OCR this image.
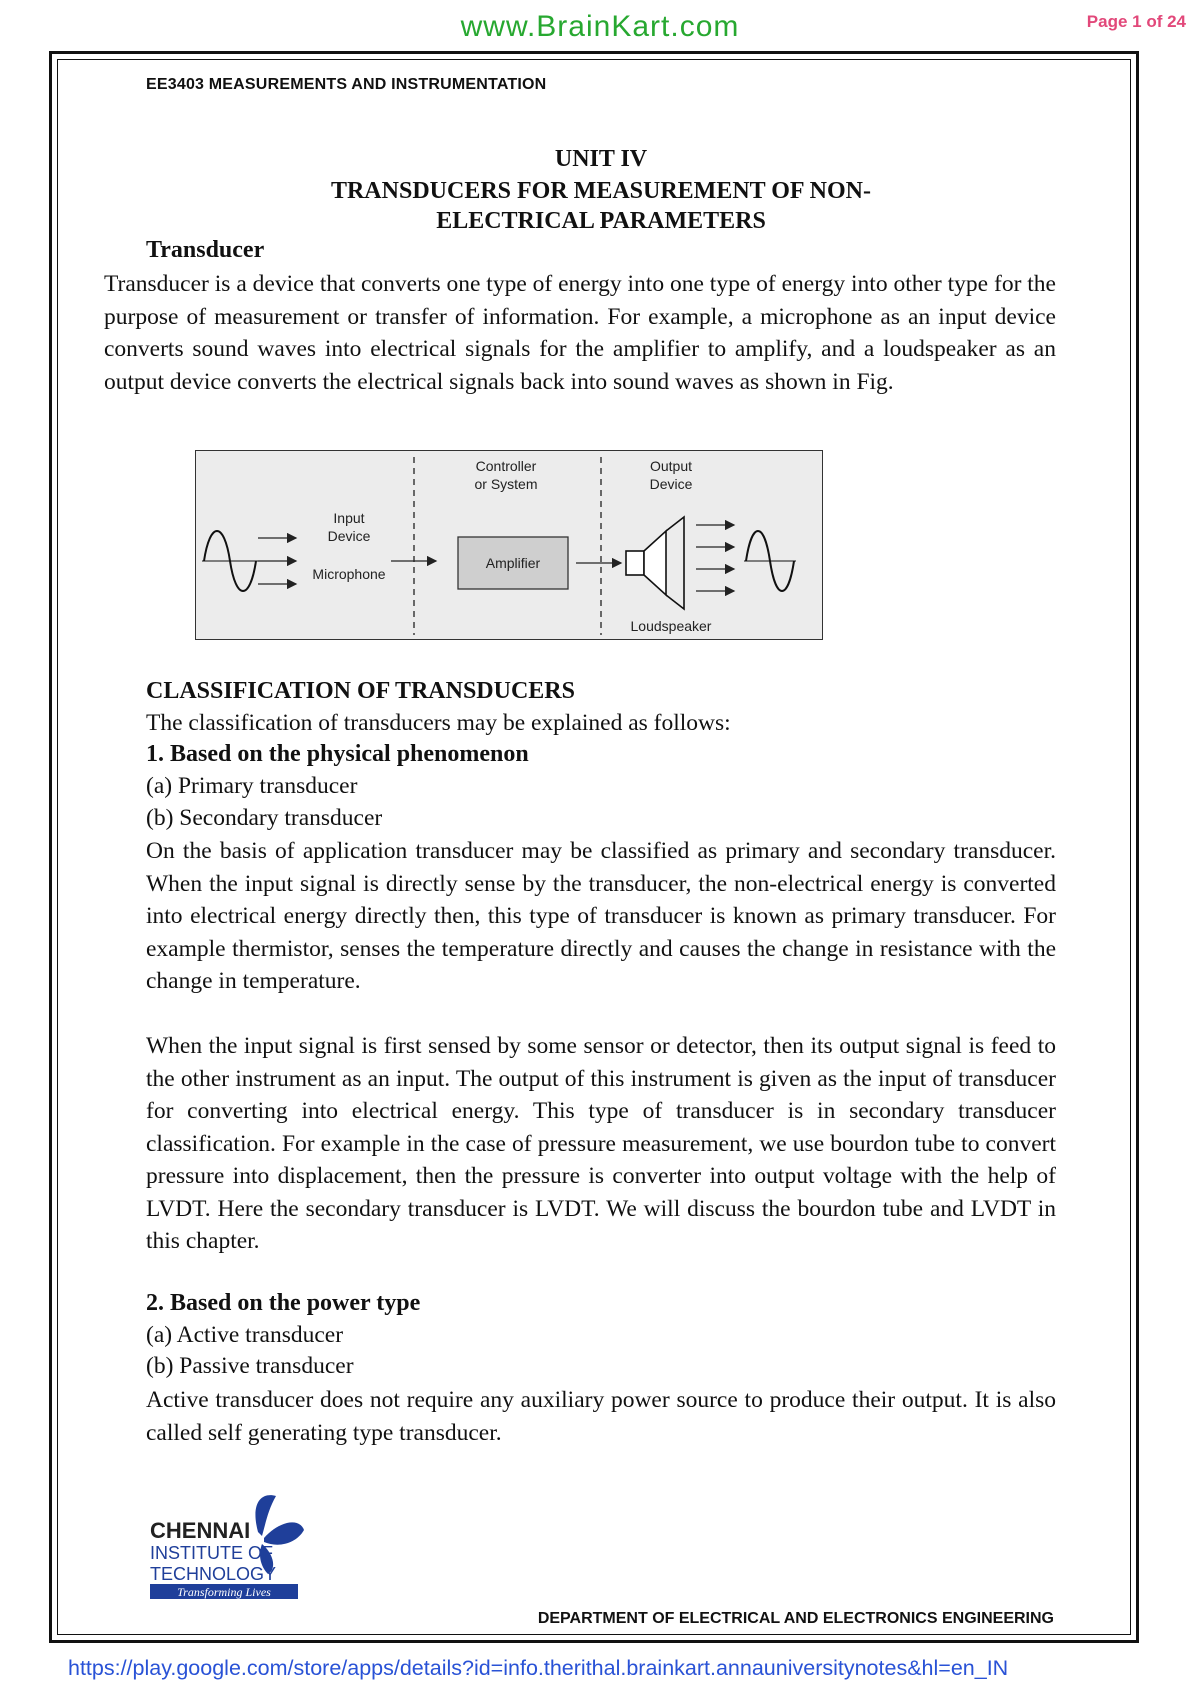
www.BrainKart.com	Page 1 of 24
EE3403 MEASUREMENTS AND INSTRUMENTATION
UNIT IV
TRANSDUCERS FOR MEASUREMENT OF NON-
ELECTRICAL PARAMETERS
Transducer
Transducer is a device that converts one type of energy into one type of energy into other type for the purpose of measurement or transfer of information. For example, a microphone as an input device converts sound waves into electrical signals for the amplifier to amplify, and a loudspeaker as an output device converts the electrical signals back into sound waves as shown in Fig.
Input
Device
Microphone
Controller
or System
Amplifier
Output
Device
Loudspeaker
CLASSIFICATION OF TRANSDUCERS
The classification of transducers may be explained as follows:
1. Based on the physical phenomenon
(a) Primary transducer
(b) Secondary transducer
On the basis of application transducer may be classified as primary and secondary transducer. When the input signal is directly sense by the transducer, the non-electrical energy is converted into electrical energy directly then, this type of transducer is known as primary transducer. For example thermistor, senses the temperature directly and causes the change in resistance with the change in temperature.
When the input signal is first sensed by some sensor or detector, then its output signal is feed to the other instrument as an input. The output of this instrument is given as the input of transducer for converting into electrical energy. This type of transducer is in secondary transducer classification. For example in the case of pressure measurement, we use bourdon tube to convert pressure into displacement, then the pressure is converter into output voltage with the help of LVDT. Here the secondary transducer is LVDT. We will discuss the bourdon tube and LVDT in this chapter.
2. Based on the power type
(a) Active transducer
(b) Passive transducer
Active transducer does not require any auxiliary power source to produce their output. It is also called self generating type transducer.
CHENNAI
INSTITUTE OF
TECHNOLOGY
Transforming Lives
DEPARTMENT OF ELECTRICAL AND ELECTRONICS ENGINEERING
https://play.google.com/store/apps/details?id=info.therithal.brainkart.annauniversitynotes&hl=en_IN
